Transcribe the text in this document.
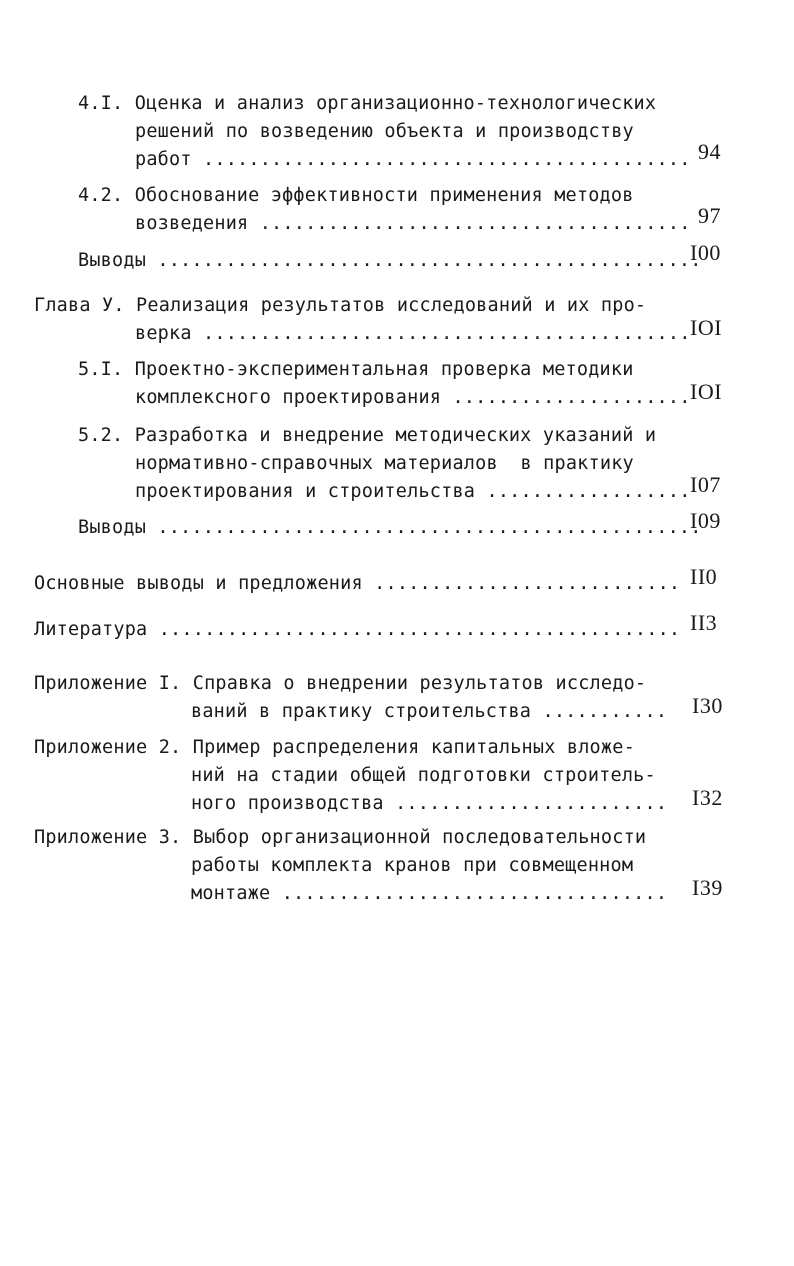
4.I. Оценка и анализ организационно-технологических
решений по возведению объекта и производству
работ ........................................... 94
4.2. Обоснование эффективности применения методов
возведения ...................................... 97
Выводы ................................................
I00
Глава У. Реализация результатов исследований и их про-
верка ........................................... IOI
5.I. Проектно-экспериментальная проверка методики
комплексного проектирования ..................... IOI
5.2. Разработка и внедрение методических указаний и
нормативно-справочных материалов  в практику
проектирования и строительства .................. I07
Выводы ................................................
I09
Основные выводы и предложения ........................... II0
Литература .............................................. II3
Приложение I. Справка о внедрении результатов исследо-
ваний в практику строительства ........... I30
Приложение 2. Пример распределения капитальных вложе-
ний на стадии общей подготовки строитель-
ного производства ........................ I32
Приложение 3. Выбор организационной последовательности
работы комплекта кранов при совмещенном
монтаже .................................. I39
